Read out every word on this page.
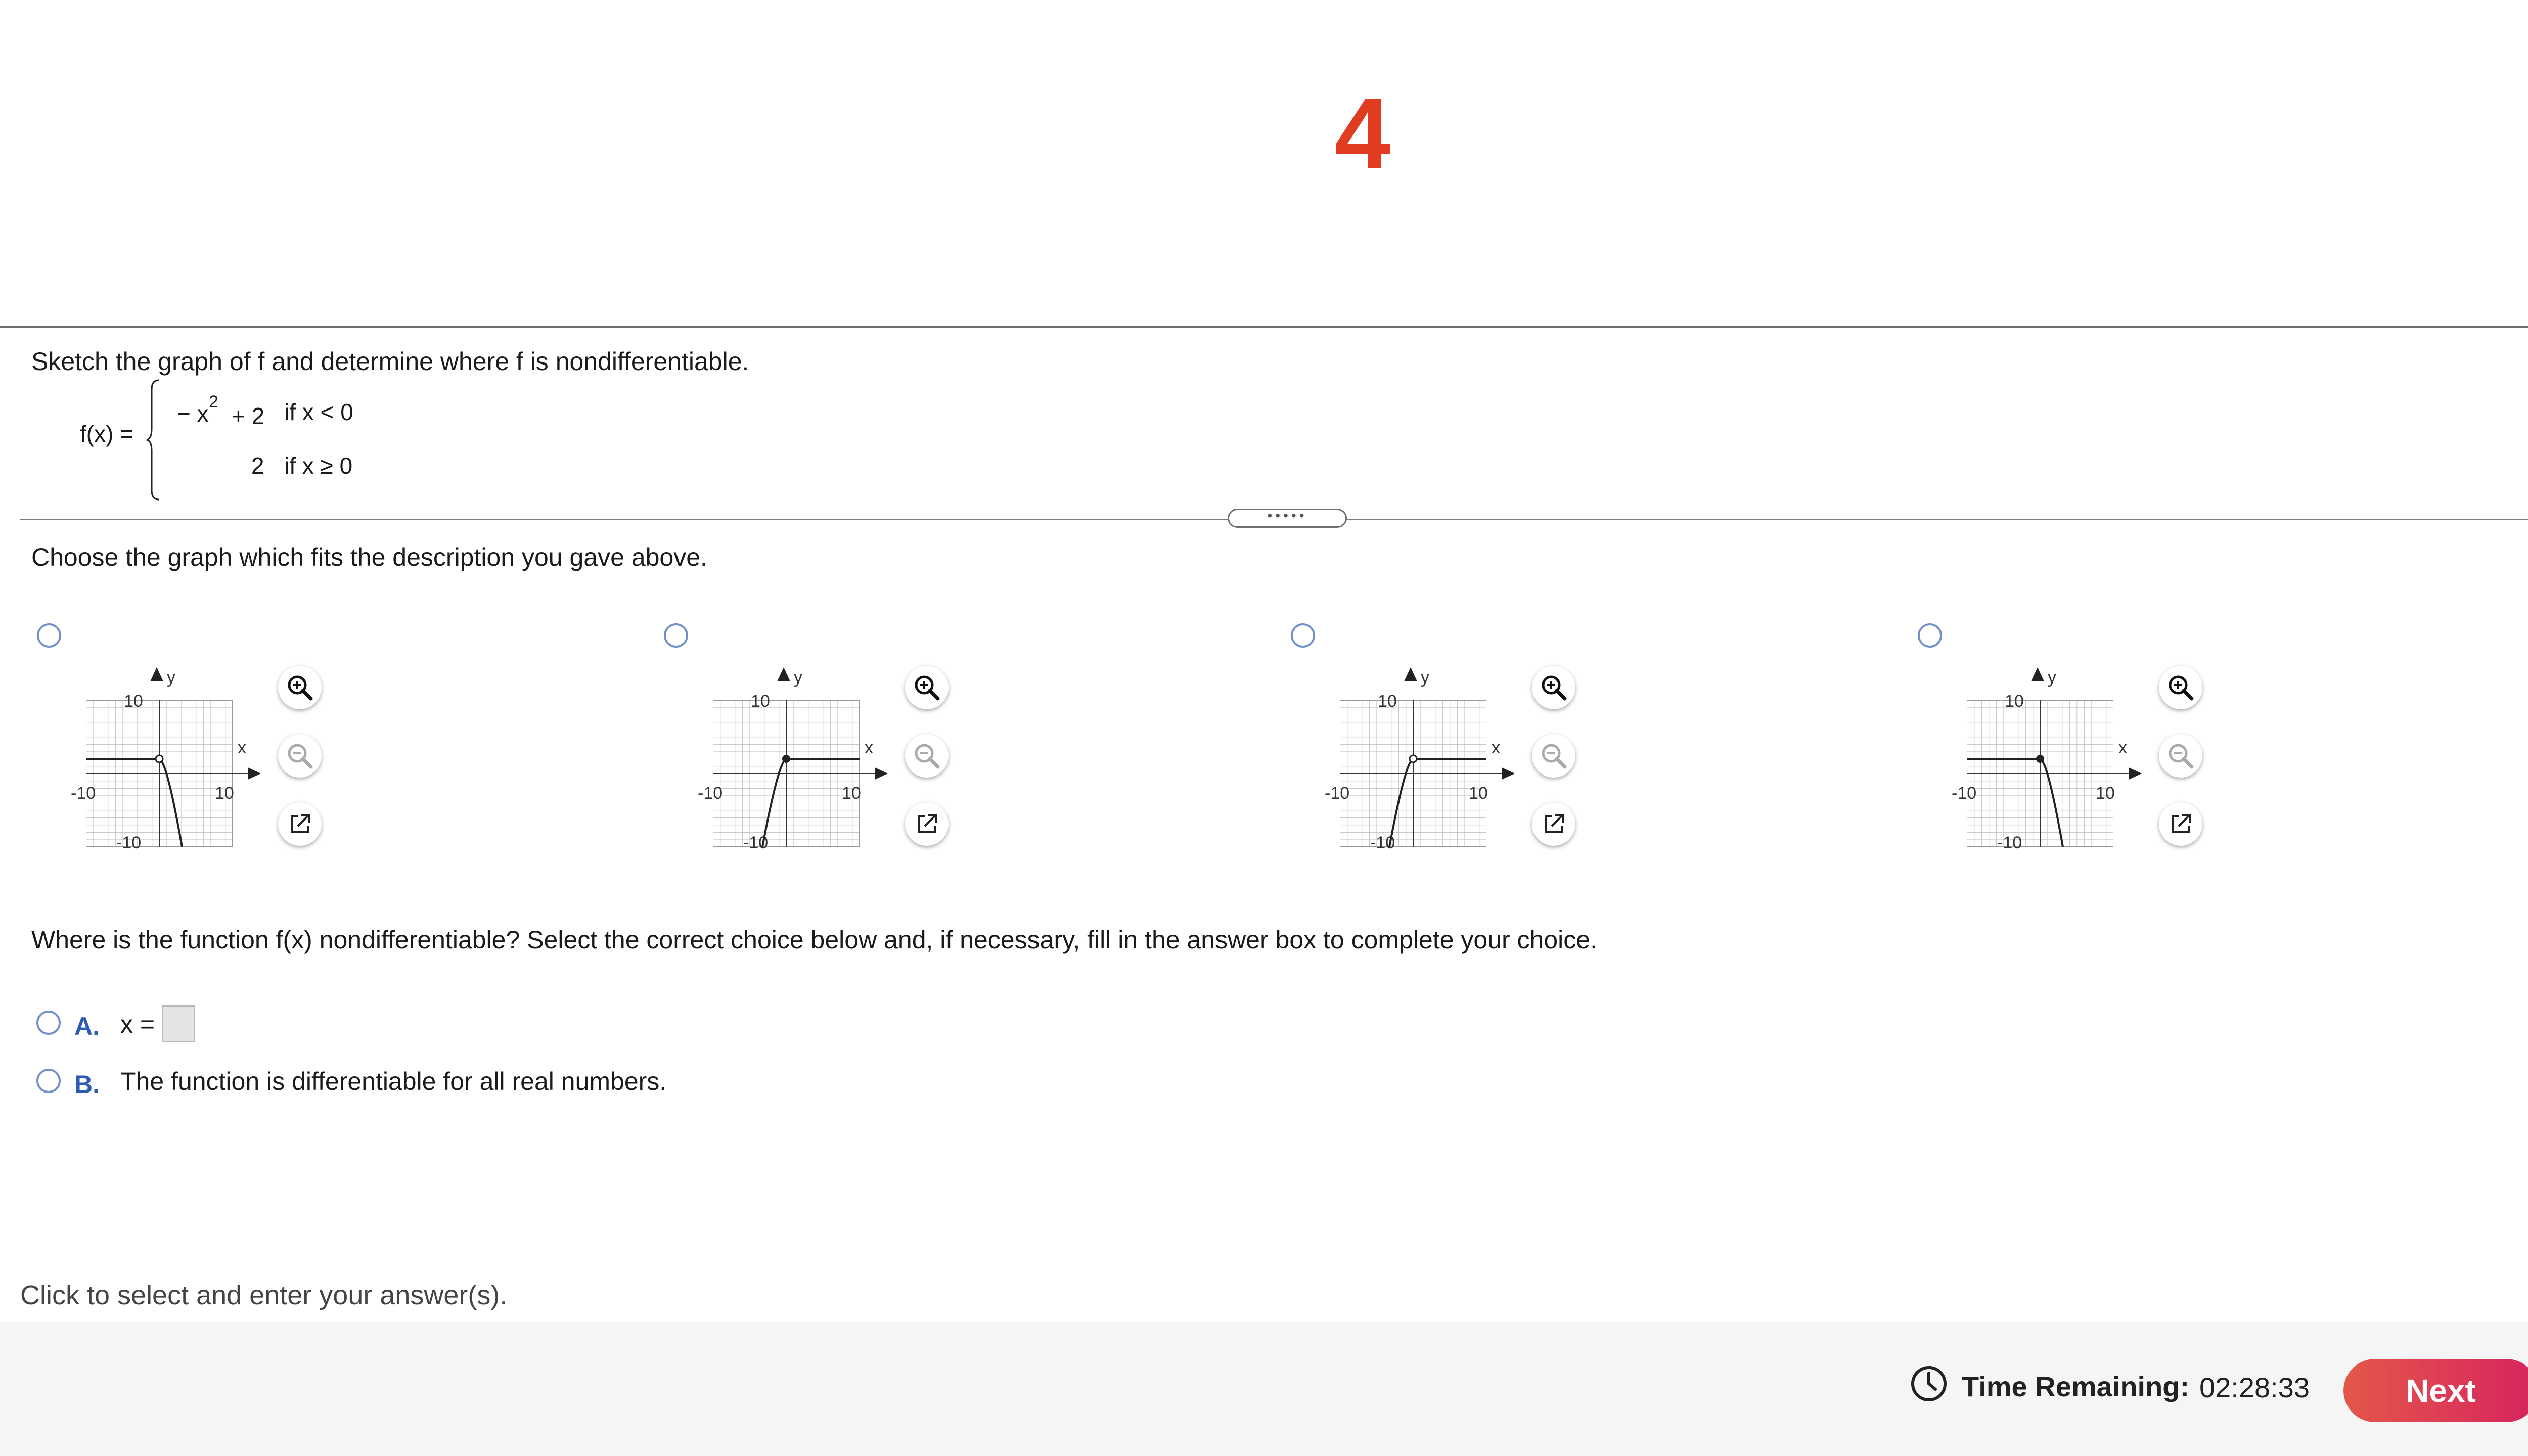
4
Sketch the graph of f and determine where f is nondifferentiable.
f(x) =
− x 2
+ 2 if x < 0
2 if x ≥ 0
•••••
Choose the graph which fits the description you gave above.
y
x
10
-10	10
-10
y
x
10
-10	10
-10
y
x
10
-10	10
-10
y
x
10
-10	10
-10
Where is the function f(x) nondifferentiable? Select the correct choice below and, if necessary, fill in the answer box to complete your choice.
A. x =
B. The function is differentiable for all real numbers.
Click to select and enter your answer(s).
Time Remaining: 02:28:33	Next
